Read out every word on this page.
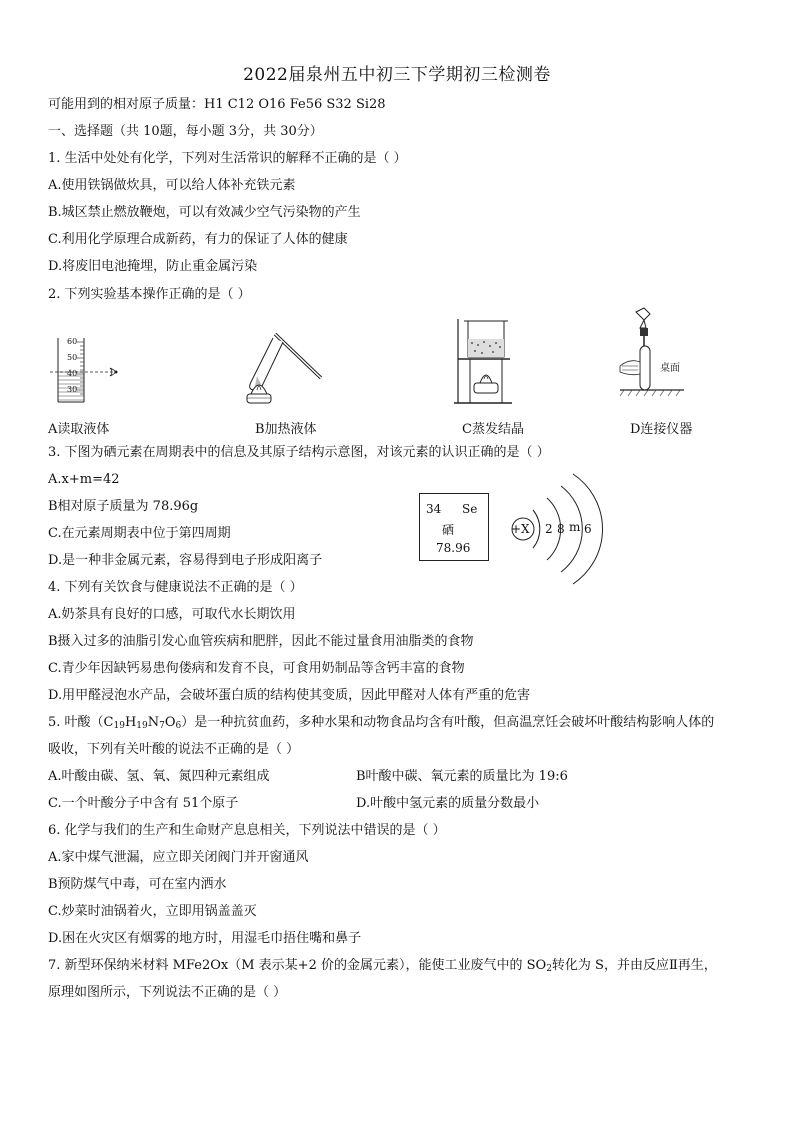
2022届泉州五中初三下学期初三检测卷
可能用到的相对原子质量：H1 C12 O16 Fe56 S32 Si28
一、选择题（共 10题，每小题 3分，共 30分）
1. 生活中处处有化学，下列对生活常识的解释不正确的是（ ）
A.使用铁锅做炊具，可以给人体补充铁元素
B.城区禁止燃放鞭炮，可以有效减少空气污染物的产生
C.利用化学原理合成新药，有力的保证了人体的健康
D.将废旧电池掩埋，防止重金属污染
2. 下列实验基本操作正确的是（ ）
60
50
40
30
桌面
A读取液体	B加热液体	C蒸发结晶	D连接仪器
3. 下图为硒元素在周期表中的信息及其原子结构示意图，对该元素的认识正确的是（ ）
A.x+m=42
B相对原子质量为 78.96g
C.在元素周期表中位于第四周期
D.是一种非金属元素，容易得到电子形成阳离子
34 Se
硒
78.96
+X 2 8 m 6
4. 下列有关饮食与健康说法不正确的是（ ）
A.奶茶具有良好的口感，可取代水长期饮用
B摄入过多的油脂引发心血管疾病和肥胖，因此不能过量食用油脂类的食物
C.青少年因缺钙易患佝偻病和发育不良，可食用奶制品等含钙丰富的食物
D.用甲醛浸泡水产品，会破坏蛋白质的结构使其变质，因此甲醛对人体有严重的危害
5. 叶酸$(C_{19}H_{19}N_7O_6)$是一种抗贫血药，多种水果和动物食品均含有叶酸，但高温烹饪会破坏叶酸结构影响人体的
吸收，下列有关叶酸的说法不正确的是（ ）
A.叶酸由碳、氢、氧、氮四种元素组成	B叶酸中碳、氧元素的质量比为 19:6
C.一个叶酸分子中含有 51个原子	D.叶酸中氢元素的质量分数最小
6. 化学与我们的生产和生命财产息息相关，下列说法中错误的是（ ）
A.家中煤气泄漏，应立即关闭阀门并开窗通风
B预防煤气中毒，可在室内洒水
C.炒菜时油锅着火，立即用锅盖盖灭
D.困在火灾区有烟雾的地方时，用湿毛巾捂住嘴和鼻子
7. 新型环保纳米材料 MFe2Ox（M 表示某+2 价的金属元素），能使工业废气中的 $SO_2$转化为 S，并由反应Ⅱ再生，
原理如图所示，下列说法不正确的是（ ）
